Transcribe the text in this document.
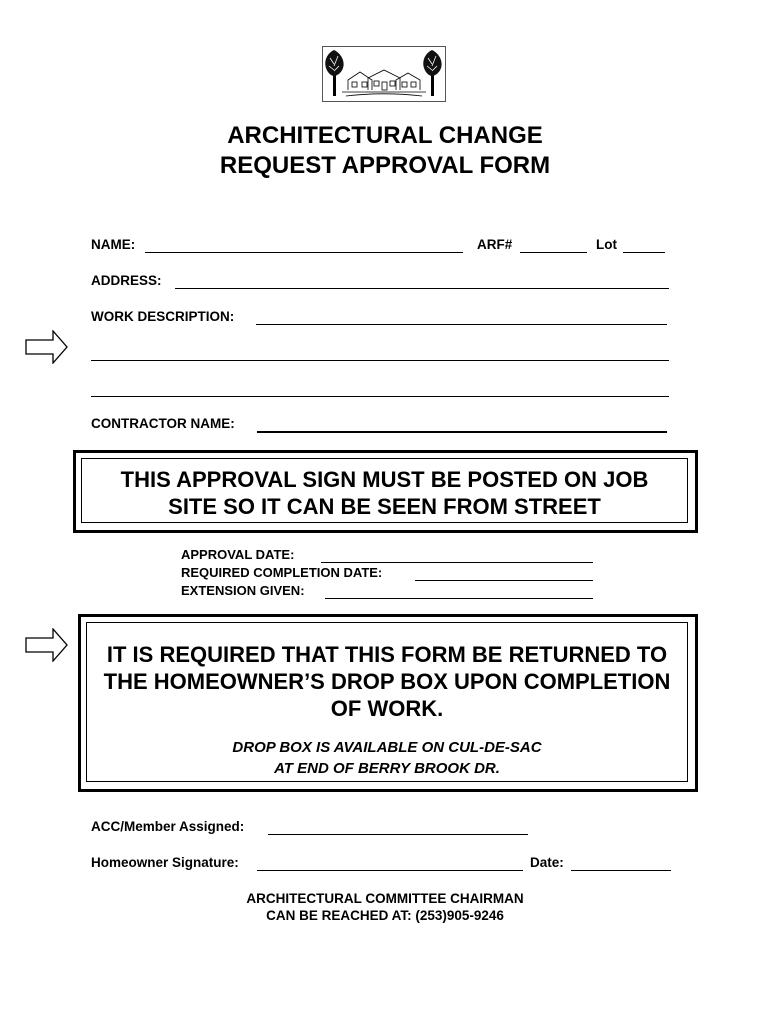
ARCHITECTURAL CHANGE
REQUEST APPROVAL FORM
NAME:	ARF#	Lot
ADDRESS:
WORK DESCRIPTION:
CONTRACTOR NAME:
THIS APPROVAL SIGN MUST BE POSTED ON JOB
SITE SO IT CAN BE SEEN FROM STREET
APPROVAL DATE:
REQUIRED COMPLETION DATE:
EXTENSION GIVEN:
IT IS REQUIRED THAT THIS FORM BE RETURNED TO
THE HOMEOWNER’S DROP BOX UPON COMPLETION
OF WORK.
DROP BOX IS AVAILABLE ON CUL-DE-SAC
AT END OF BERRY BROOK DR.
ACC/Member Assigned:
Homeowner Signature:	Date:
ARCHITECTURAL COMMITTEE CHAIRMAN
CAN BE REACHED AT: (253)905-9246
